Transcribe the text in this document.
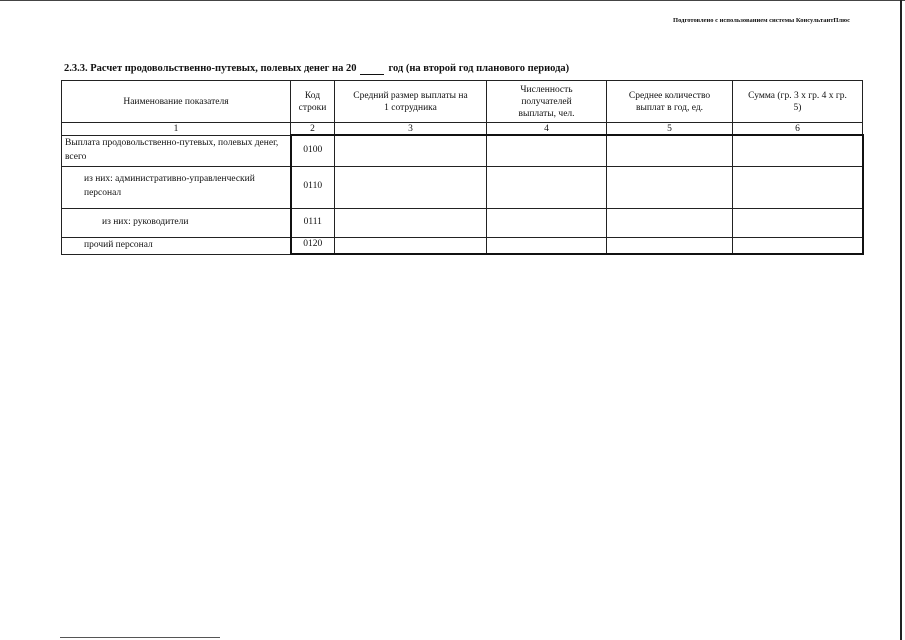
Подготовлено с использованием системы КонсультантПлюс
2.3.3. Расчет продовольственно-путевых, полевых денег на 20	год (на второй год планового периода)
Наименование показателя	Код строки	Средний размер выплаты на 1 сотрудника	Численность получателей выплаты, чел.	Среднее количество выплат в год, ед.	Сумма (гр. 3 x гр. 4 x гр. 5)
1	2	3	4	5	6
Выплата продовольственно-путевых, полевых денег, всего	0100				
из них: административно-управленческий персонал	0110				
из них: руководители	0111				
прочий персонал	0120				
